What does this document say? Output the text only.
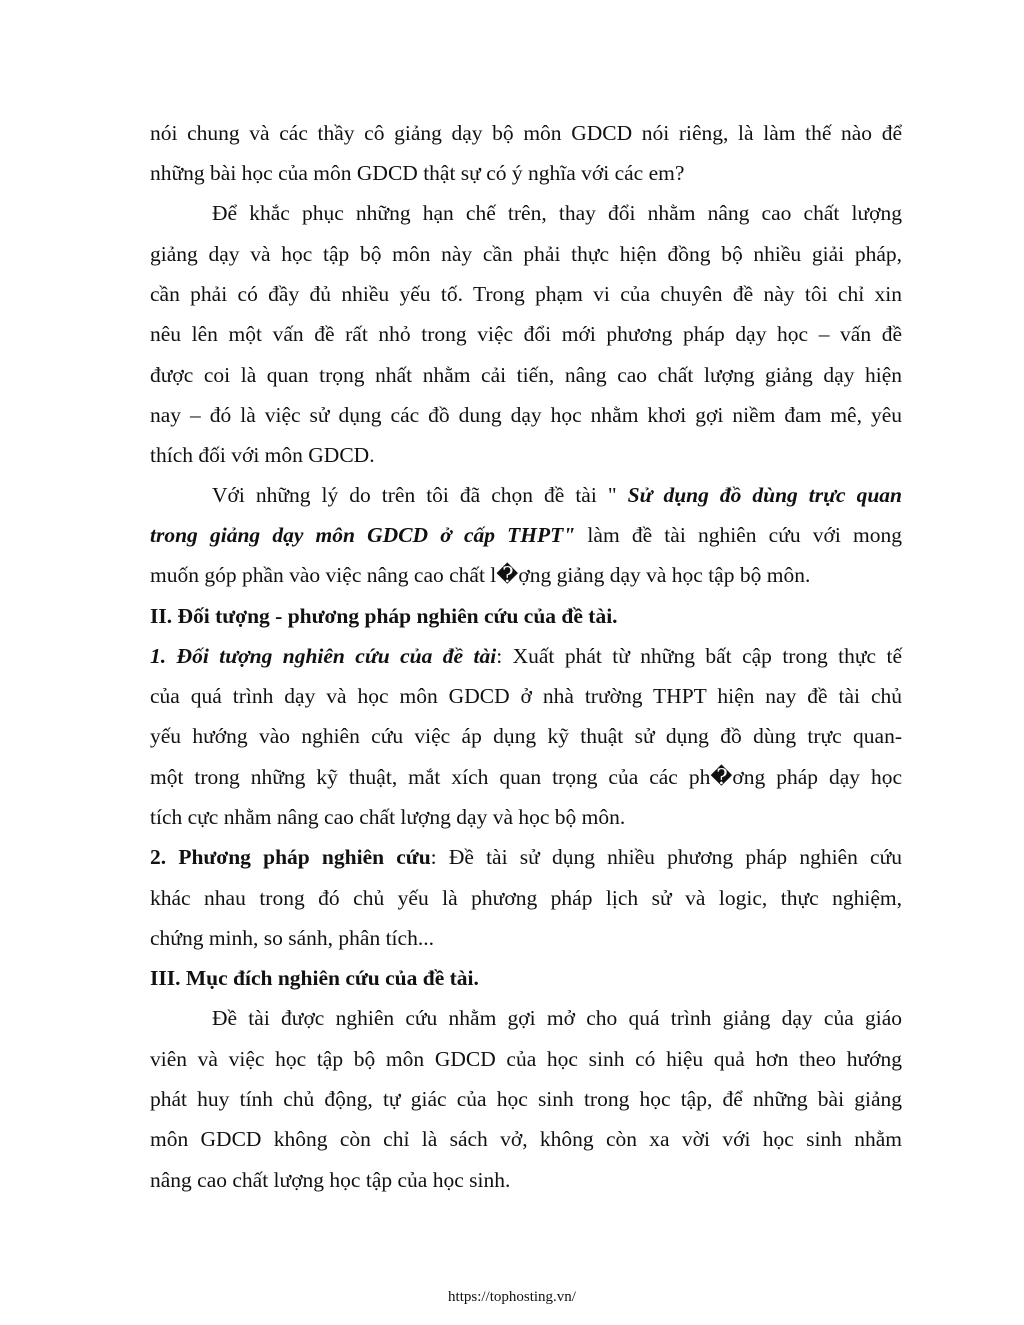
nói chung và các thầy cô giảng dạy bộ môn GDCD nói riêng, là làm thế nào để
những bài học của môn GDCD thật sự có ý nghĩa với các em?
Để khắc phục những hạn chế trên, thay đổi nhằm nâng cao chất lượng
giảng dạy và học tập bộ môn này cần phải thực hiện đồng bộ nhiều giải pháp,
cần phải có đầy đủ nhiều yếu tố. Trong phạm vi của chuyên đề này tôi chỉ xin
nêu lên một vấn đề rất nhỏ trong việc đổi mới phương pháp dạy học – vấn đề
được coi là quan trọng nhất nhằm cải tiến, nâng cao chất lượng giảng dạy hiện
nay – đó là việc sử dụng các đồ dung dạy học nhằm khơi gợi niềm đam mê, yêu
thích đối với môn GDCD.
Với những lý do trên tôi đã chọn đề tài " Sử dụng đồ dùng trực quan
trong giảng dạy môn GDCD ở cấp THPT" làm đề tài nghiên cứu với mong
muốn góp phần vào việc nâng cao chất l�ợng giảng dạy và học tập bộ môn.
II. Đối tượng - phương pháp nghiên cứu của đề tài.
1. Đối tượng nghiên cứu của đề tài: Xuất phát từ những bất cập trong thực tế
của quá trình dạy và học môn GDCD ở nhà trường THPT hiện nay đề tài chủ
yếu hướng vào nghiên cứu việc áp dụng kỹ thuật sử dụng đồ dùng trực quan-
một trong những kỹ thuật, mắt xích quan trọng của các ph�ơng pháp dạy học
tích cực nhằm nâng cao chất lượng dạy và học bộ môn.
2. Phương pháp nghiên cứu: Đề tài sử dụng nhiều phương pháp nghiên cứu
khác nhau trong đó chủ yếu là phương pháp lịch sử và logic, thực nghiệm,
chứng minh, so sánh, phân tích...
III. Mục đích nghiên cứu của đề tài.
Đề tài được nghiên cứu nhằm gợi mở cho quá trình giảng dạy của giáo
viên và việc học tập bộ môn GDCD của học sinh có hiệu quả hơn theo hướng
phát huy tính chủ động, tự giác của học sinh trong học tập, để những bài giảng
môn GDCD không còn chỉ là sách vở, không còn xa vời với học sinh nhằm
nâng cao chất lượng học tập của học sinh.
https://tophosting.vn/
